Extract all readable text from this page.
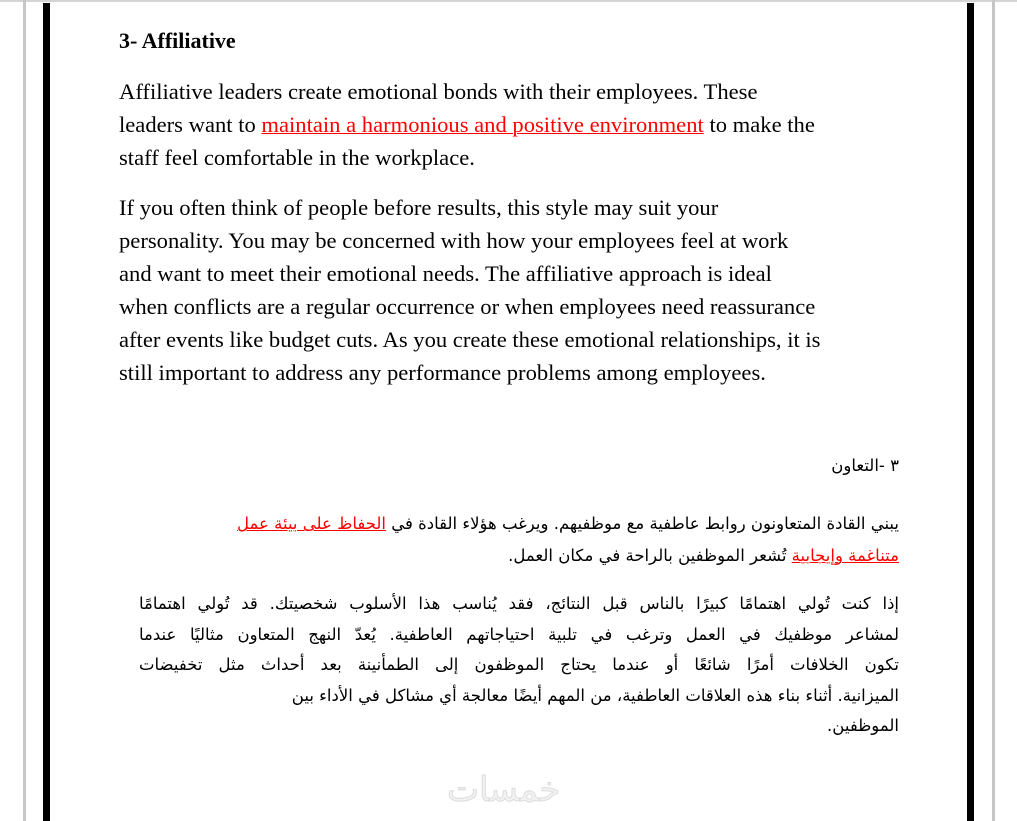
3- Affiliative

Affiliative leaders create emotional bonds with their employees. These
leaders want to maintain a harmonious and positive environment to make the
staff feel comfortable in the workplace.

If you often think of people before results, this style may suit your
personality. You may be concerned with how your employees feel at work
and want to meet their emotional needs. The affiliative approach is ideal
when conflicts are a regular occurrence or when employees need reassurance
after events like budget cuts. As you create these emotional relationships, it is
still important to address any performance problems among employees.

٣ -التعاون
يبني القادة المتعاونون روابط عاطفية مع موظفيهم. ويرغب هؤلاء القادة في الحفاظ على بيئة عمل
متناغمة وإيجابية تُشعر الموظفين بالراحة في مكان العمل.
إذا كنت تُولي اهتمامًا كبيرًا بالناس قبل النتائج، فقد يُناسب هذا الأسلوب شخصيتك. قد تُولي اهتمامًا
لمشاعر موظفيك في العمل وترغب في تلبية احتياجاتهم العاطفية. يُعدّ النهج المتعاون مثاليًا عندما
تكون الخلافات أمرًا شائعًا أو عندما يحتاج الموظفون إلى الطمأنينة بعد أحداث مثل تخفيضات
الميزانية. أثناء بناء هذه العلاقات العاطفية، من المهم أيضًا معالجة أي مشاكل في الأداء بين
الموظفين.
خمسات
